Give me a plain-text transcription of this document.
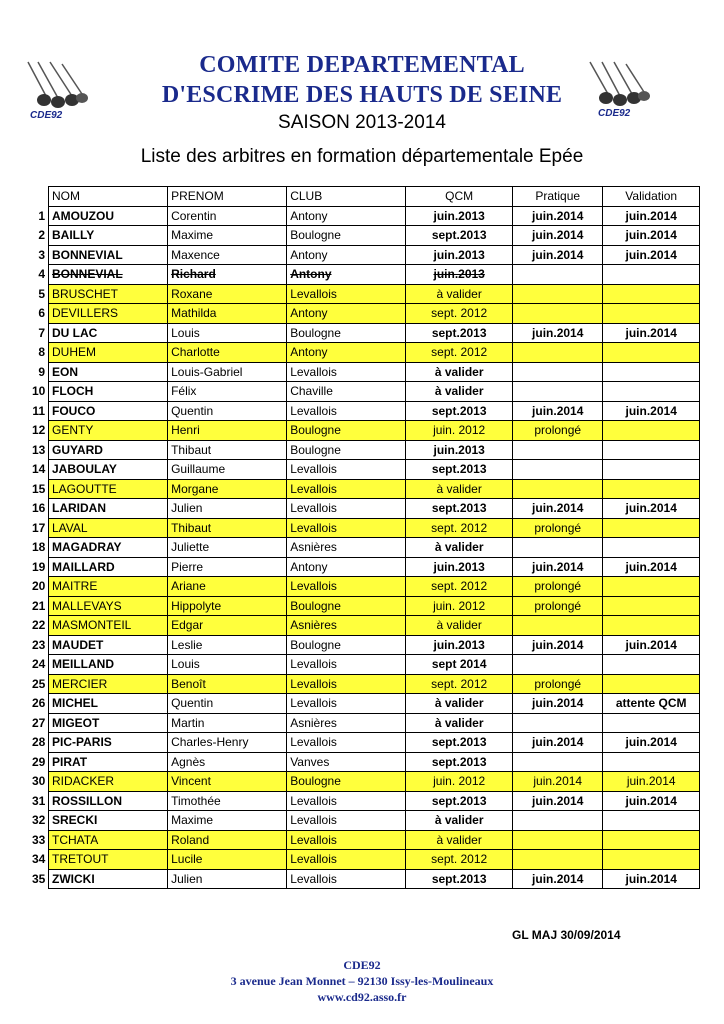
CDE92	CDE92
COMITE DEPARTEMENTAL
D'ESCRIME DES HAUTS DE SEINE
SAISON 2013-2014
Liste des arbitres en formation départementale Epée
	NOM	PRENOM	CLUB	QCM	Pratique	Validation
1	AMOUZOU	Corentin	Antony	juin.2013	juin.2014	juin.2014
2	BAILLY	Maxime	Boulogne	sept.2013	juin.2014	juin.2014
3	BONNEVIAL	Maxence	Antony	juin.2013	juin.2014	juin.2014
4	BONNEVIAL	Richard	Antony	juin.2013		
5	BRUSCHET	Roxane	Levallois	à valider		
6	DEVILLERS	Mathilda	Antony	sept. 2012		
7	DU LAC	Louis	Boulogne	sept.2013	juin.2014	juin.2014
8	DUHEM	Charlotte	Antony	sept. 2012		
9	EON	Louis-Gabriel	Levallois	à valider		
10	FLOCH	Félix	Chaville	à valider		
11	FOUCO	Quentin	Levallois	sept.2013	juin.2014	juin.2014
12	GENTY	Henri	Boulogne	juin. 2012	prolongé	
13	GUYARD	Thibaut	Boulogne	juin.2013		
14	JABOULAY	Guillaume	Levallois	sept.2013		
15	LAGOUTTE	Morgane	Levallois	à valider		
16	LARIDAN	Julien	Levallois	sept.2013	juin.2014	juin.2014
17	LAVAL	Thibaut	Levallois	sept. 2012	prolongé	
18	MAGADRAY	Juliette	Asnières	à valider		
19	MAILLARD	Pierre	Antony	juin.2013	juin.2014	juin.2014
20	MAITRE	Ariane	Levallois	sept. 2012	prolongé	
21	MALLEVAYS	Hippolyte	Boulogne	juin. 2012	prolongé	
22	MASMONTEIL	Edgar	Asnières	à valider		
23	MAUDET	Leslie	Boulogne	juin.2013	juin.2014	juin.2014
24	MEILLAND	Louis	Levallois	sept 2014		
25	MERCIER	Benoît	Levallois	sept. 2012	prolongé	
26	MICHEL	Quentin	Levallois	à valider	juin.2014	attente QCM
27	MIGEOT	Martin	Asnières	à valider		
28	PIC-PARIS	Charles-Henry	Levallois	sept.2013	juin.2014	juin.2014
29	PIRAT	Agnès	Vanves	sept.2013		
30	RIDACKER	Vincent	Boulogne	juin. 2012	juin.2014	juin.2014
31	ROSSILLON	Timothée	Levallois	sept.2013	juin.2014	juin.2014
32	SRECKI	Maxime	Levallois	à valider		
33	TCHATA	Roland	Levallois	à valider		
34	TRETOUT	Lucile	Levallois	sept. 2012		
35	ZWICKI	Julien	Levallois	sept.2013	juin.2014	juin.2014
GL MAJ 30/09/2014
CDE92
3 avenue Jean Monnet – 92130 Issy-les-Moulineaux
www.cd92.asso.fr
